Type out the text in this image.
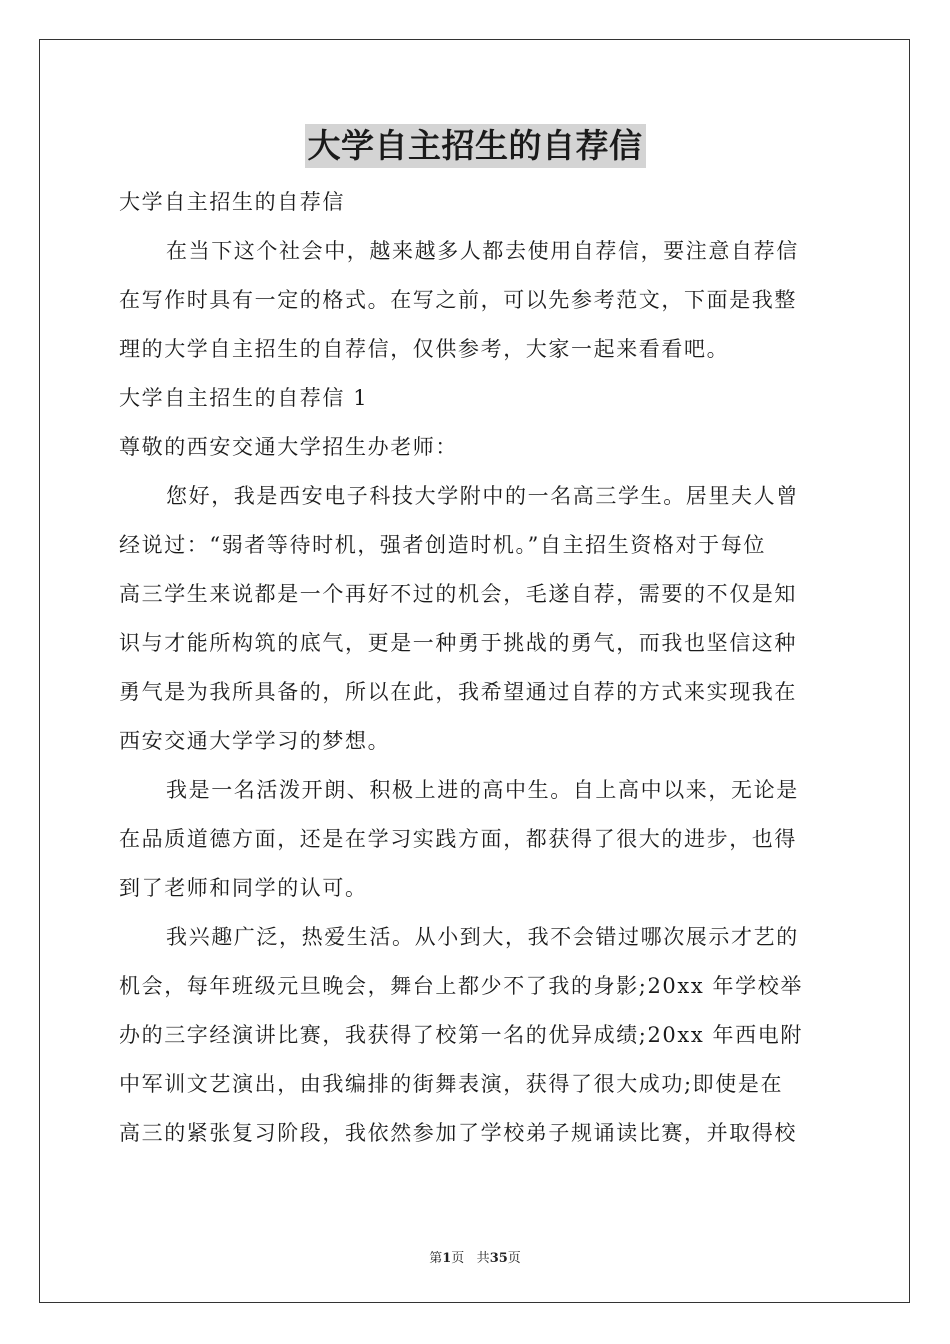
大学自主招生的自荐信
大学自主招生的自荐信
在当下这个社会中，越来越多人都去使用自荐信，要注意自荐信
在写作时具有一定的格式。在写之前，可以先参考范文，下面是我整
理的大学自主招生的自荐信，仅供参考，大家一起来看看吧。
大学自主招生的自荐信 1
尊敬的西安交通大学招生办老师：
您好，我是西安电子科技大学附中的一名高三学生。居里夫人曾
经说过：“弱者等待时机，强者创造时机。”自主招生资格对于每位
高三学生来说都是一个再好不过的机会，毛遂自荐，需要的不仅是知
识与才能所构筑的底气，更是一种勇于挑战的勇气，而我也坚信这种
勇气是为我所具备的，所以在此，我希望通过自荐的方式来实现我在
西安交通大学学习的梦想。
我是一名活泼开朗、积极上进的高中生。自上高中以来，无论是
在品质道德方面，还是在学习实践方面，都获得了很大的进步，也得
到了老师和同学的认可。
我兴趣广泛，热爱生活。从小到大，我不会错过哪次展示才艺的
机会，每年班级元旦晚会，舞台上都少不了我的身影;20xx 年学校举
办的三字经演讲比赛，我获得了校第一名的优异成绩;20xx 年西电附
中军训文艺演出，由我编排的街舞表演，获得了很大成功;即使是在
高三的紧张复习阶段，我依然参加了学校弟子规诵读比赛，并取得校
第1页 共35页
